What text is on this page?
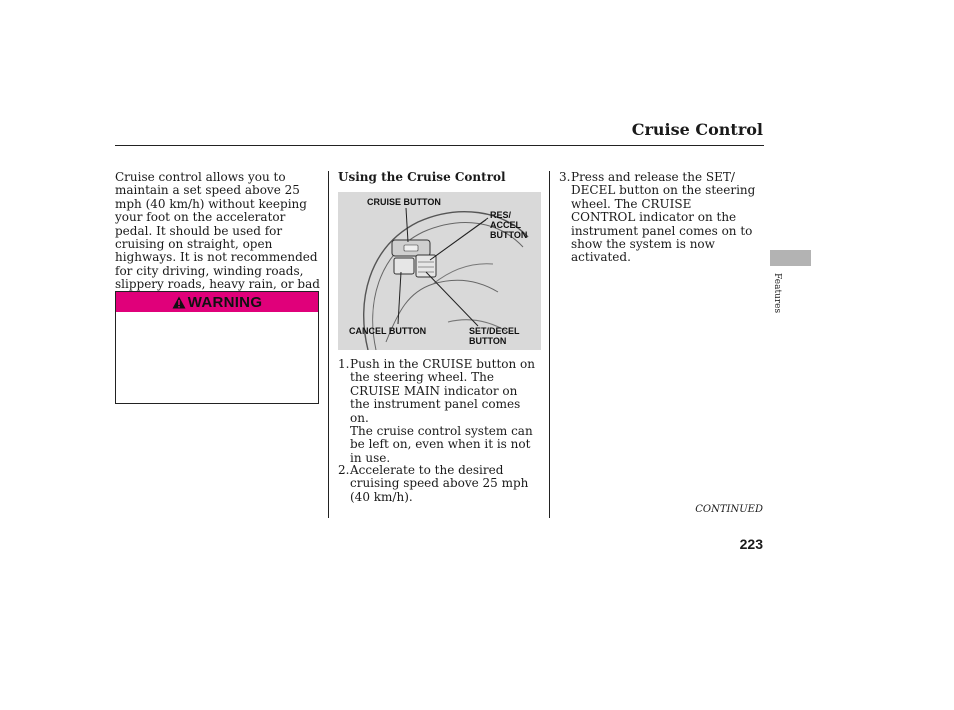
Cruise Control

Cruise control allows you to maintain a set speed above 25 mph (40 km/h) without keeping your foot on the accelerator pedal. It should be used for cruising on straight, open highways. It is not recommended for city driving, winding roads, slippery roads, heavy rain, or bad

WARNING
Using the Cruise Control
CRUISE BUTTON
RES/ ACCEL BUTTON
CANCEL BUTTON	SET/DECEL BUTTON
1. Push in the CRUISE button on the steering wheel. The CRUISE MAIN indicator on the instrument panel comes on.

The cruise control system can be left on, even when it is not in use.

2. Accelerate to the desired cruising speed above 25 mph (40 km/h).

3. Press and release the SET/ DECEL button on the steering wheel. The CRUISE CONTROL indicator on the instrument panel comes on to show the system is now activated.

Features
CONTINUED
223
